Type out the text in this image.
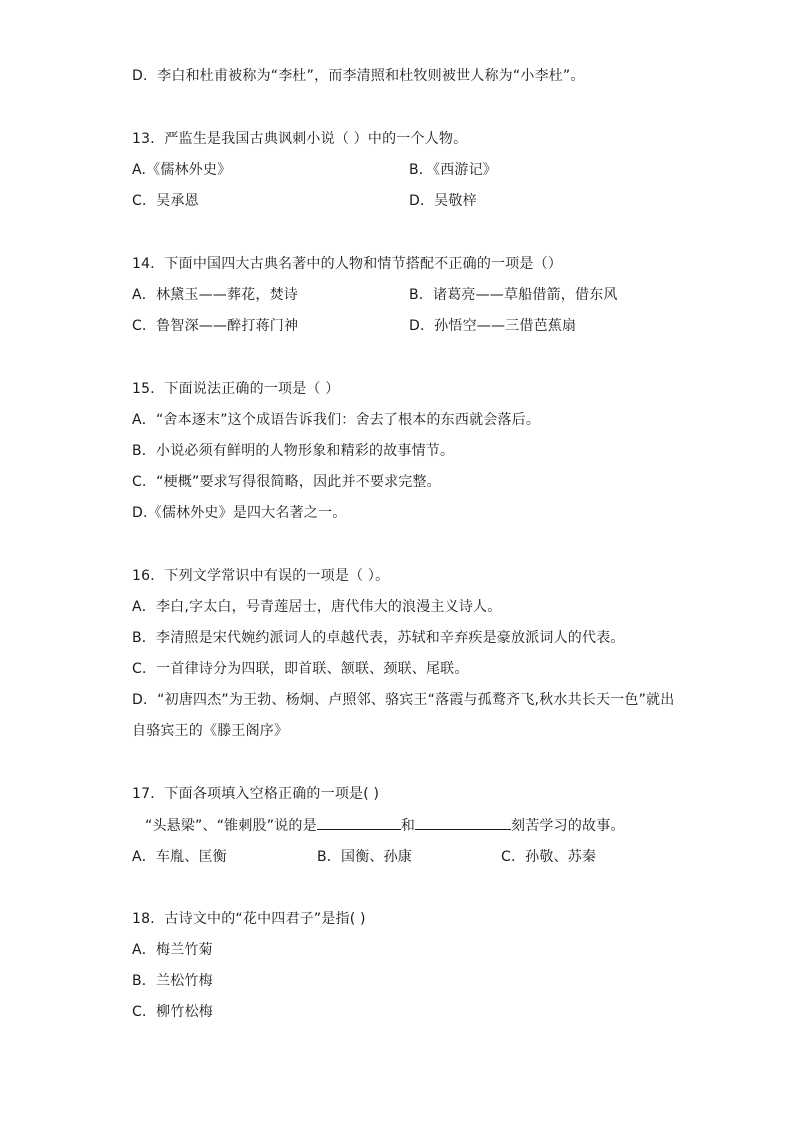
D．李白和杜甫被称为“李杜”，而李清照和杜牧则被世人称为“小李杜”。
13．严监生是我国古典讽刺小说（ ）中的一个人物。
A.《儒林外史》	B．《西游记》
C．吴承恩	D．吴敬梓
14．下面中国四大古典名著中的人物和情节搭配不正确的一项是（）
A．林黛玉——葬花，焚诗	B．诸葛亮——草船借箭，借东风
C．鲁智深——醉打蒋门神	D．孙悟空——三借芭蕉扇
15．下面说法正确的一项是（ ）
A．“舍本逐末”这个成语告诉我们：舍去了根本的东西就会落后。
B．小说必须有鲜明的人物形象和精彩的故事情节。
C．“梗概”要求写得很简略，因此并不要求完整。
D.《儒林外史》是四大名著之一。
16．下列文学常识中有误的一项是（ ）。
A．李白,字太白，号青莲居士，唐代伟大的浪漫主义诗人。
B．李清照是宋代婉约派词人的卓越代表，苏轼和辛弃疾是豪放派词人的代表。
C．一首律诗分为四联，即首联、颔联、颈联、尾联。
D．“初唐四杰”为王勃、杨炯、卢照邻、骆宾王“落霞与孤鹜齐飞,秋水共长天一色”就出
自骆宾王的《滕王阁序》
17．下面各项填入空格正确的一项是( )
“头悬梁”、“锥刺股”说的是	和	刻苦学习的故事。
A．车胤、匡衡	B．国衡、孙康	C．孙敬、苏秦
18．古诗文中的“花中四君子”是指( )
A．梅兰竹菊
B．兰松竹梅
C．柳竹松梅
